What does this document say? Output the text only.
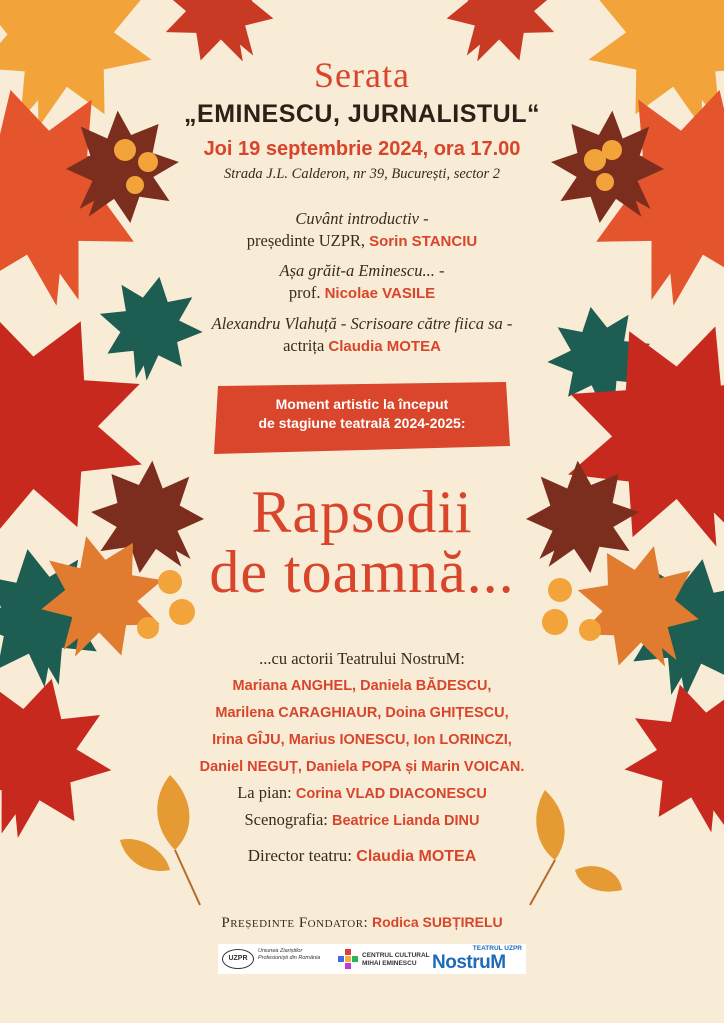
Serata
„EMINESCU, JURNALISTUL“
Joi 19 septembrie 2024, ora 17.00
Strada J.L. Calderon, nr 39, București, sector 2
Cuvânt introductiv -
președinte UZPR, Sorin STANCIU
Așa grăit-a Eminescu... -
prof. Nicolae VASILE
Alexandru Vlahuță - Scrisoare către fiica sa -
actrița Claudia MOTEA
Moment artistic la început
de stagiune teatrală 2024-2025:
Rapsodii
de toamnă...
...cu actorii Teatrului NostruM:
Mariana ANGHEL, Daniela BĂDESCU,
Marilena CARAGHIAUR, Doina GHIȚESCU,
Irina GÎJU, Marius IONESCU, Ion LORINCZI,
Daniel NEGUȚ, Daniela POPA și Marin VOICAN.
La pian: Corina VLAD DIACONESCU
Scenografia: Beatrice Lianda DINU
Director teatru: Claudia MOTEA
Președinte Fondator: Rodica SUBȚIRELU
UZPR
Uniunea Ziariștilor Profesioniști din România	CENTRUL CULTURAL
MIHAI EMINESCU
TEATRUL UZPR
NostruM
